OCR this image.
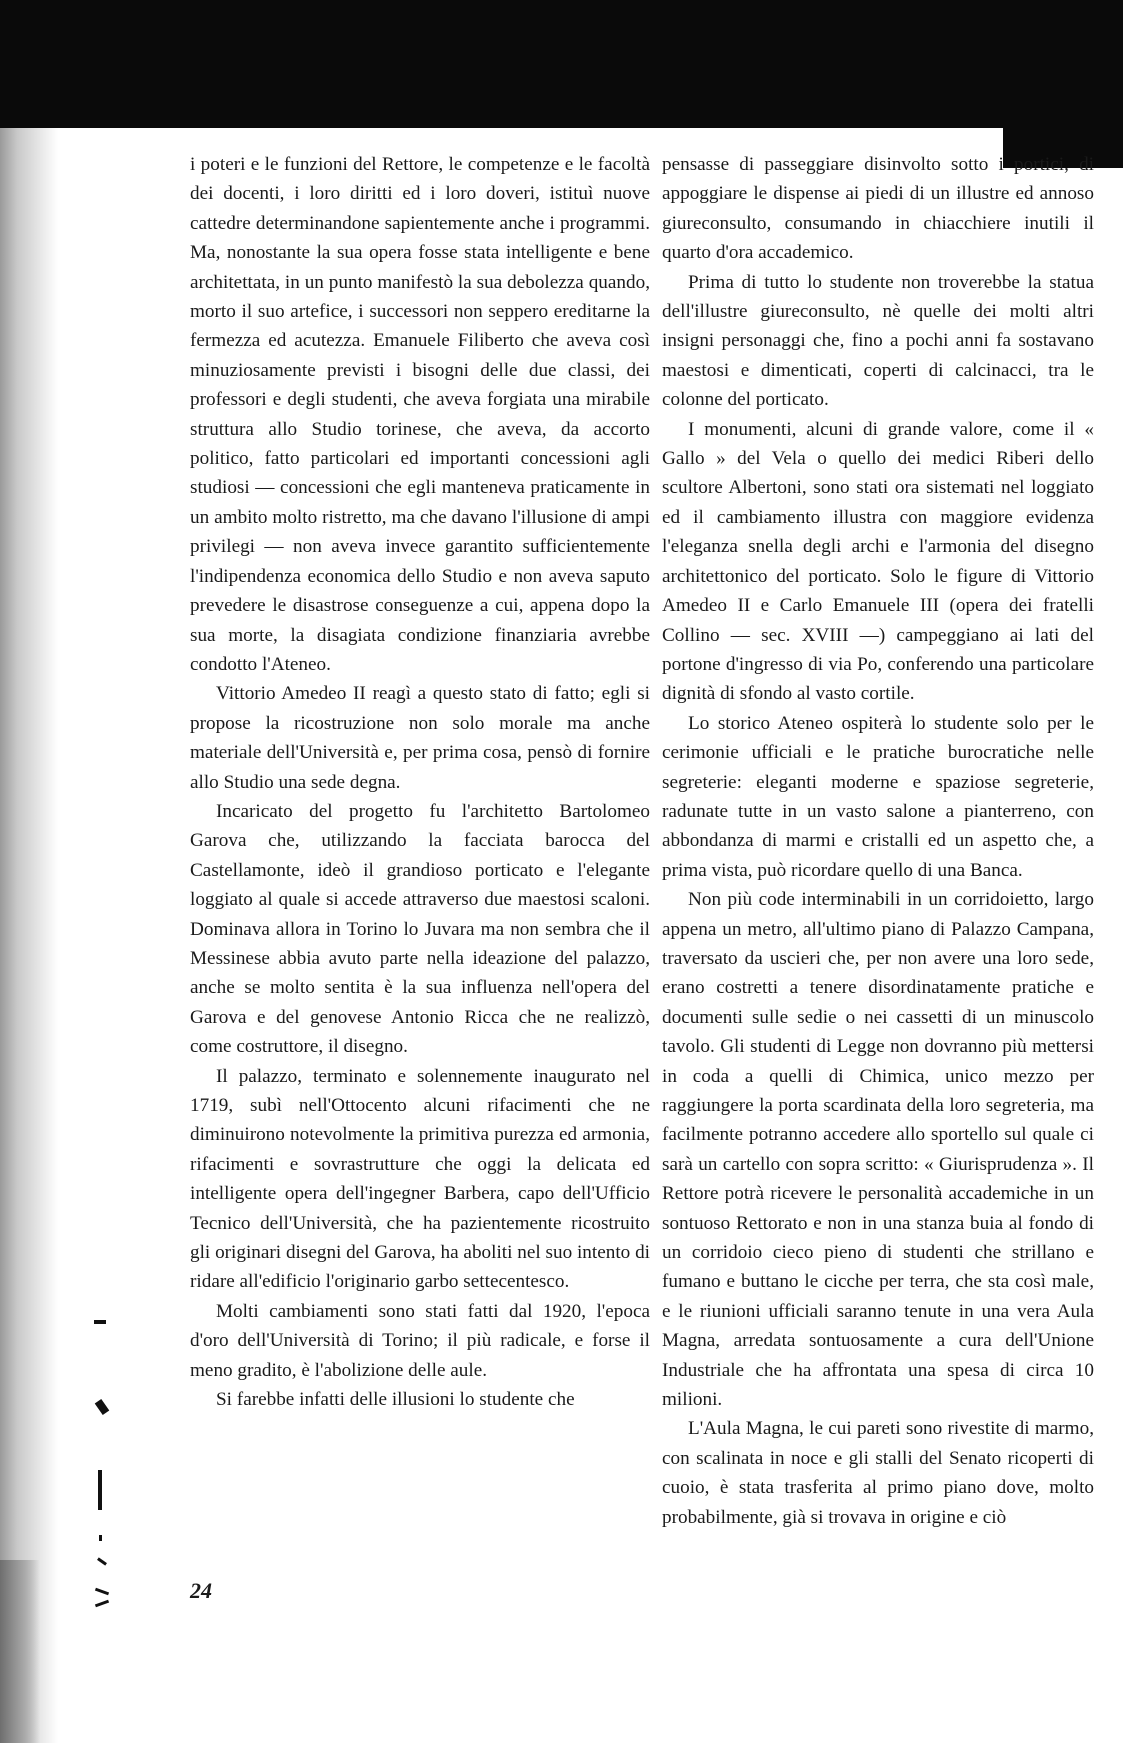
i poteri e le funzioni del Rettore, le competenze e le facoltà dei docenti, i loro diritti ed i loro doveri, istituì nuove cattedre determinandone sapientemente anche i programmi. Ma, nonostante la sua opera fosse stata intelligente e bene architettata, in un punto manifestò la sua debolezza quando, morto il suo artefice, i successori non seppero ereditarne la fermezza ed acutezza. Emanuele Filiberto che aveva così minuziosamente previsti i bisogni delle due classi, dei professori e degli studenti, che aveva forgiata una mirabile struttura allo Studio torinese, che aveva, da accorto politico, fatto particolari ed importanti concessioni agli studiosi — concessioni che egli manteneva praticamente in un ambito molto ristretto, ma che davano l'illusione di ampi privilegi — non aveva invece garantito sufficientemente l'indipendenza economica dello Studio e non aveva saputo prevedere le disastrose conseguenze a cui, appena dopo la sua morte, la disagiata condizione finanziaria avrebbe condotto l'Ateneo.

Vittorio Amedeo II reagì a questo stato di fatto; egli si propose la ricostruzione non solo morale ma anche materiale dell'Università e, per prima cosa, pensò di fornire allo Studio una sede degna.

Incaricato del progetto fu l'architetto Bartolomeo Garova che, utilizzando la facciata barocca del Castellamonte, ideò il grandioso porticato e l'elegante loggiato al quale si accede attraverso due maestosi scaloni. Dominava allora in Torino lo Juvara ma non sembra che il Messinese abbia avuto parte nella ideazione del palazzo, anche se molto sentita è la sua influenza nell'opera del Garova e del genovese Antonio Ricca che ne realizzò, come costruttore, il disegno.

Il palazzo, terminato e solennemente inaugurato nel 1719, subì nell'Ottocento alcuni rifacimenti che ne diminuirono notevolmente la primitiva purezza ed armonia, rifacimenti e sovrastrutture che oggi la delicata ed intelligente opera dell'ingegner Barbera, capo dell'Ufficio Tecnico dell'Università, che ha pazientemente ricostruito gli originari disegni del Garova, ha aboliti nel suo intento di ridare all'edificio l'originario garbo settecentesco.

Molti cambiamenti sono stati fatti dal 1920, l'epoca d'oro dell'Università di Torino; il più radicale, e forse il meno gradito, è l'abolizione delle aule.

Si farebbe infatti delle illusioni lo studente che

pensasse di passeggiare disinvolto sotto i portici, di appoggiare le dispense ai piedi di un illustre ed annoso giureconsulto, consumando in chiacchiere inutili il quarto d'ora accademico.

Prima di tutto lo studente non troverebbe la statua dell'illustre giureconsulto, nè quelle dei molti altri insigni personaggi che, fino a pochi anni fa sostavano maestosi e dimenticati, coperti di calcinacci, tra le colonne del porticato.

I monumenti, alcuni di grande valore, come il « Gallo » del Vela o quello dei medici Riberi dello scultore Albertoni, sono stati ora sistemati nel loggiato ed il cambiamento illustra con maggiore evidenza l'eleganza snella degli archi e l'armonia del disegno architettonico del porticato. Solo le figure di Vittorio Amedeo II e Carlo Emanuele III (opera dei fratelli Collino — sec. XVIII —) campeggiano ai lati del portone d'ingresso di via Po, conferendo una particolare dignità di sfondo al vasto cortile.

Lo storico Ateneo ospiterà lo studente solo per le cerimonie ufficiali e le pratiche burocratiche nelle segreterie: eleganti moderne e spaziose segreterie, radunate tutte in un vasto salone a pianterreno, con abbondanza di marmi e cristalli ed un aspetto che, a prima vista, può ricordare quello di una Banca.

Non più code interminabili in un corridoietto, largo appena un metro, all'ultimo piano di Palazzo Campana, traversato da uscieri che, per non avere una loro sede, erano costretti a tenere disordinatamente pratiche e documenti sulle sedie o nei cassetti di un minuscolo tavolo. Gli studenti di Legge non dovranno più mettersi in coda a quelli di Chimica, unico mezzo per raggiungere la porta scardinata della loro segreteria, ma facilmente potranno accedere allo sportello sul quale ci sarà un cartello con sopra scritto: « Giurisprudenza ». Il Rettore potrà ricevere le personalità accademiche in un sontuoso Rettorato e non in una stanza buia al fondo di un corridoio cieco pieno di studenti che strillano e fumano e buttano le cicche per terra, che sta così male, e le riunioni ufficiali saranno tenute in una vera Aula Magna, arredata sontuosamente a cura dell'Unione Industriale che ha affrontata una spesa di circa 10 milioni.

L'Aula Magna, le cui pareti sono rivestite di marmo, con scalinata in noce e gli stalli del Senato ricoperti di cuoio, è stata trasferita al primo piano dove, molto probabilmente, già si trovava in origine e ciò

24
